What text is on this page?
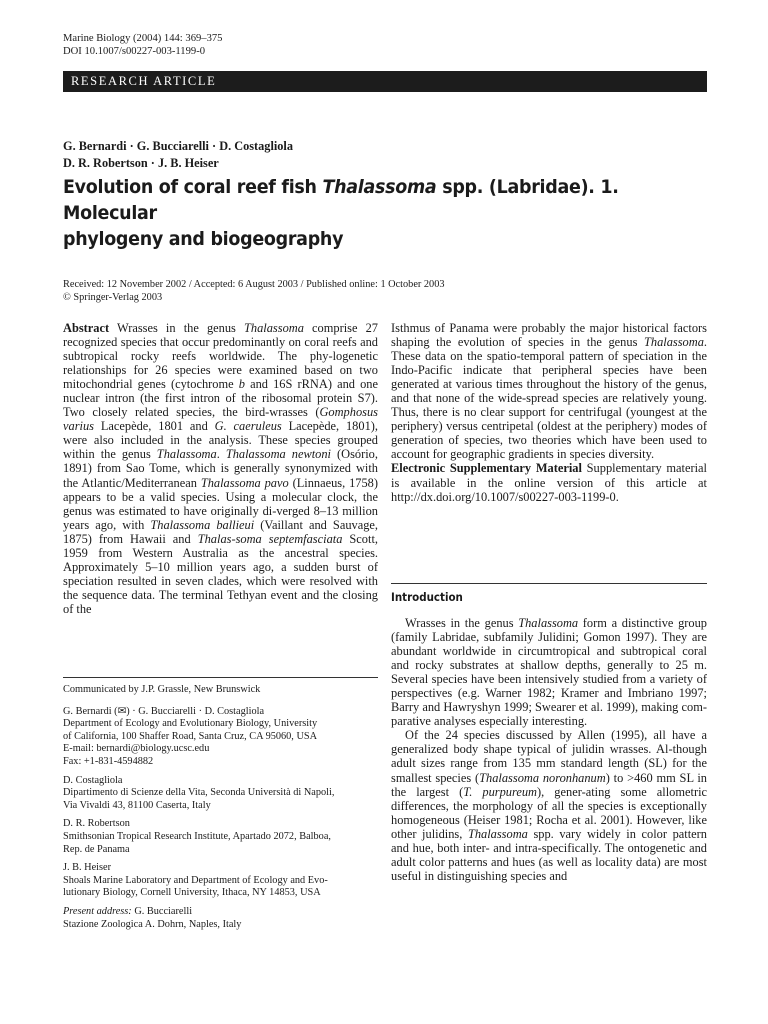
Marine Biology (2004) 144: 369–375
DOI 10.1007/s00227-003-1199-0
RESEARCH ARTICLE
G. Bernardi · G. Bucciarelli · D. Costagliola
D. R. Robertson · J. B. Heiser
Evolution of coral reef fish Thalassoma spp. (Labridae). 1. Molecular
phylogeny and biogeography
Received: 12 November 2002 / Accepted: 6 August 2003 / Published online: 1 October 2003
© Springer-Verlag 2003

Abstract Wrasses in the genus Thalassoma comprise 27 recognized species that occur predominantly on coral reefs and subtropical rocky reefs worldwide. The phy-logenetic relationships for 26 species were examined based on two mitochondrial genes (cytochrome b and 16S rRNA) and one nuclear intron (the first intron of the ribosomal protein S7). Two closely related species, the bird-wrasses (Gomphosus varius Lacepède, 1801 and G. caeruleus Lacepède, 1801), were also included in the analysis. These species grouped within the genus Thalassoma. Thalassoma newtoni (Osório, 1891) from Sao Tome, which is generally synonymized with the Atlantic/Mediterranean Thalassoma pavo (Linnaeus, 1758) appears to be a valid species. Using a molecular clock, the genus was estimated to have originally di-verged 8–13 million years ago, with Thalassoma ballieui (Vaillant and Sauvage, 1875) from Hawaii and Thalas-soma septemfasciata Scott, 1959 from Western Australia as the ancestral species. Approximately 5–10 million years ago, a sudden burst of speciation resulted in seven clades, which were resolved with the sequence data. The terminal Tethyan event and the closing of the

Communicated by J.P. Grassle, New Brunswick

G. Bernardi (✉) · G. Bucciarelli · D. Costagliola
Department of Ecology and Evolutionary Biology, University
of California, 100 Shaffer Road, Santa Cruz, CA 95060, USA
E-mail: bernardi@biology.ucsc.edu
Fax: +1-831-4594882

D. Costagliola
Dipartimento di Scienze della Vita, Seconda Università di Napoli,
Via Vivaldi 43, 81100 Caserta, Italy

D. R. Robertson
Smithsonian Tropical Research Institute, Apartado 2072, Balboa,
Rep. de Panama

J. B. Heiser
Shoals Marine Laboratory and Department of Ecology and Evo-
lutionary Biology, Cornell University, Ithaca, NY 14853, USA

Present address: G. Bucciarelli
Stazione Zoologica A. Dohrn, Naples, Italy

Isthmus of Panama were probably the major historical factors shaping the evolution of species in the genus Thalassoma. These data on the spatio-temporal pattern of speciation in the Indo-Pacific indicate that peripheral species have been generated at various times throughout the history of the genus, and that none of the wide-spread species are relatively young. Thus, there is no clear support for centrifugal (youngest at the periphery) versus centripetal (oldest at the periphery) modes of generation of species, two theories which have been used to account for geographic gradients in species diversity.

Electronic Supplementary Material Supplementary material is available in the online version of this article at http://dx.doi.org/10.1007/s00227-003-1199-0.

Introduction

Wrasses in the genus Thalassoma form a distinctive group (family Labridae, subfamily Julidini; Gomon 1997). They are abundant worldwide in circumtropical and subtropical coral and rocky substrates at shallow depths, generally to 25 m. Several species have been intensively studied from a variety of perspectives (e.g. Warner 1982; Kramer and Imbriano 1997; Barry and Hawryshyn 1999; Swearer et al. 1999), making com-parative analyses especially interesting.

Of the 24 species discussed by Allen (1995), all have a generalized body shape typical of julidin wrasses. Al-though adult sizes range from 135 mm standard length (SL) for the smallest species (Thalassoma noronhanum) to >460 mm SL in the largest (T. purpureum), gener-ating some allometric differences, the morphology of all the species is exceptionally homogeneous (Heiser 1981; Rocha et al. 2001). However, like other julidins, Thalassoma spp. vary widely in color pattern and hue, both inter- and intra-specifically. The ontogenetic and adult color patterns and hues (as well as locality data) are most useful in distinguishing species and
